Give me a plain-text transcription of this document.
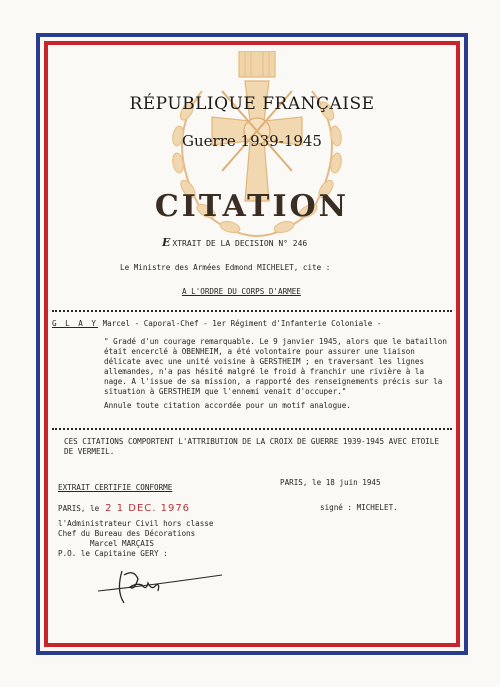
RÉPUBLIQUE FRANÇAISE
Guerre 1939-1945
CITATION
E XTRAIT DE LA DECISION N° 246
Le Ministre des Armées Edmond MICHELET, cite :
A L'ORDRE DU CORPS D'ARMEE
G L A Y Marcel - Caporal-Chef - 1er Régiment d'Infanterie Coloniale -
" Gradé d'un courage remarquable. Le 9 janvier 1945, alors que le bataillon était encerclé à OBENHEIM, a été volontaire pour assurer une liaison délicate avec une unité voisine à GERSTHEIM ; en traversant les lignes allemandes, n'a pas hésité malgré le froid à franchir une rivière à la nage. A l'issue de sa mission, a rapporté des renseignements précis sur la situation à GERSTHEIM que l'ennemi venait d'occuper."
Annule toute citation accordée pour un motif analogue.
CES CITATIONS COMPORTENT L'ATTRIBUTION DE LA CROIX DE GUERRE 1939-1945 AVEC ETOILE DE VERMEIL.
PARIS, le 18 juin 1945
EXTRAIT CERTIFIE CONFORME
PARIS, le 2 1 DEC. 1976	signé : MICHELET.
l'Administrateur Civil hors classe
Chef du Bureau des Décorations
Marcel MARÇAIS
P.O. le Capitaine GERY :
